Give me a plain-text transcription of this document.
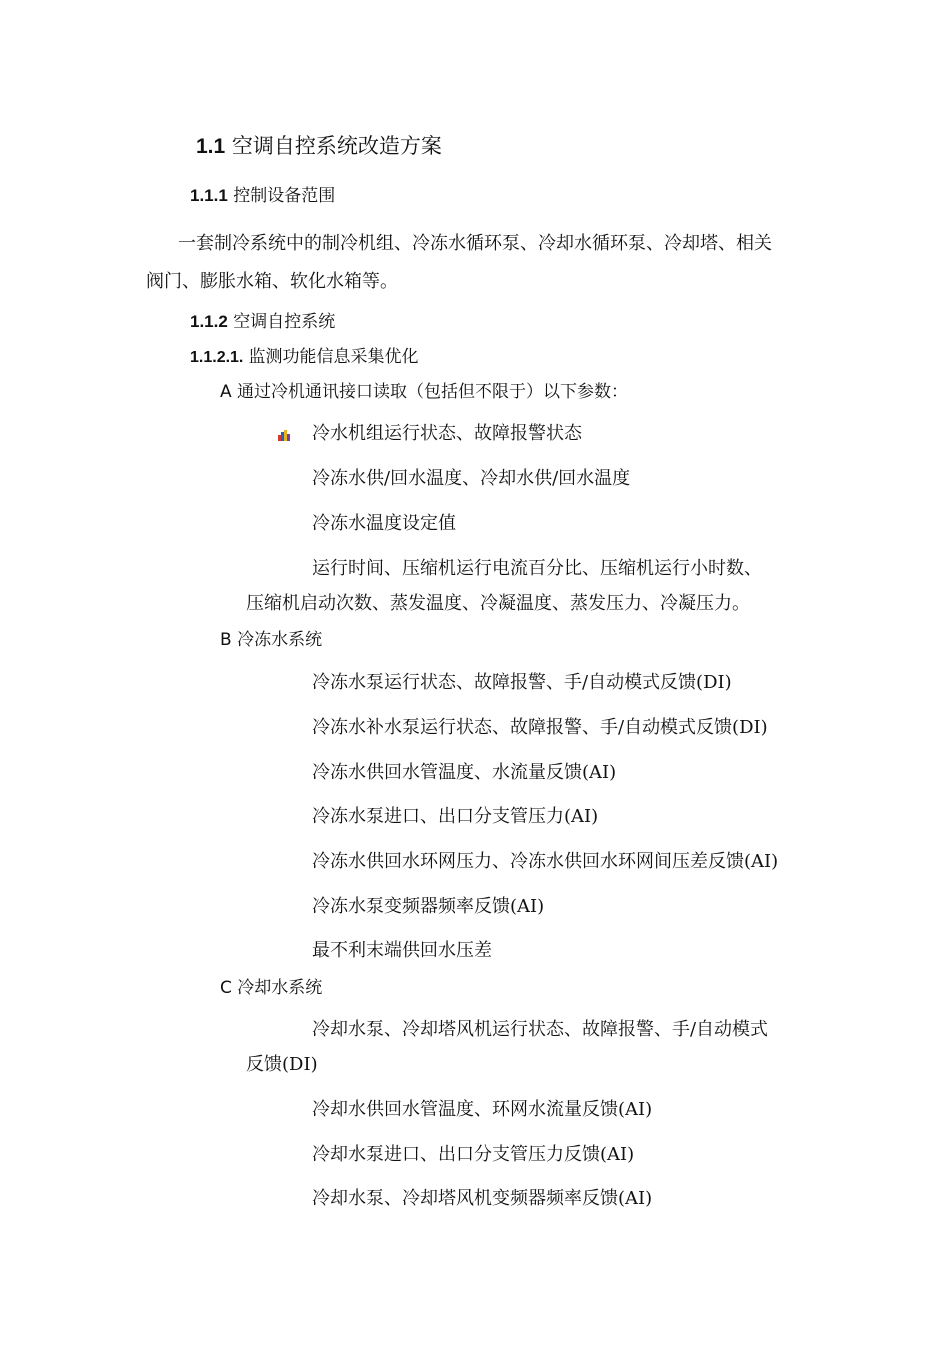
1.1 空调自控系统改造方案
1.1.1 控制设备范围
一套制冷系统中的制冷机组、冷冻水循环泵、冷却水循环泵、冷却塔、相关
阀门、膨胀水箱、软化水箱等。
1.1.2 空调自控系统
1.1.2.1. 监测功能信息采集优化
A 通过冷机通讯接口读取（包括但不限于）以下参数：
冷水机组运行状态、故障报警状态
冷冻水供/回水温度、冷却水供/回水温度
冷冻水温度设定值
运行时间、压缩机运行电流百分比、压缩机运行小时数、
压缩机启动次数、蒸发温度、冷凝温度、蒸发压力、冷凝压力。
B 冷冻水系统
冷冻水泵运行状态、故障报警、手/自动模式反馈(DI)
冷冻水补水泵运行状态、故障报警、手/自动模式反馈(DI)
冷冻水供回水管温度、水流量反馈(AI)
冷冻水泵进口、出口分支管压力(AI)
冷冻水供回水环网压力、冷冻水供回水环网间压差反馈(AI)
冷冻水泵变频器频率反馈(AI)
最不利末端供回水压差
C 冷却水系统
冷却水泵、冷却塔风机运行状态、故障报警、手/自动模式
反馈(DI)
冷却水供回水管温度、环网水流量反馈(AI)
冷却水泵进口、出口分支管压力反馈(AI)
冷却水泵、冷却塔风机变频器频率反馈(AI)
